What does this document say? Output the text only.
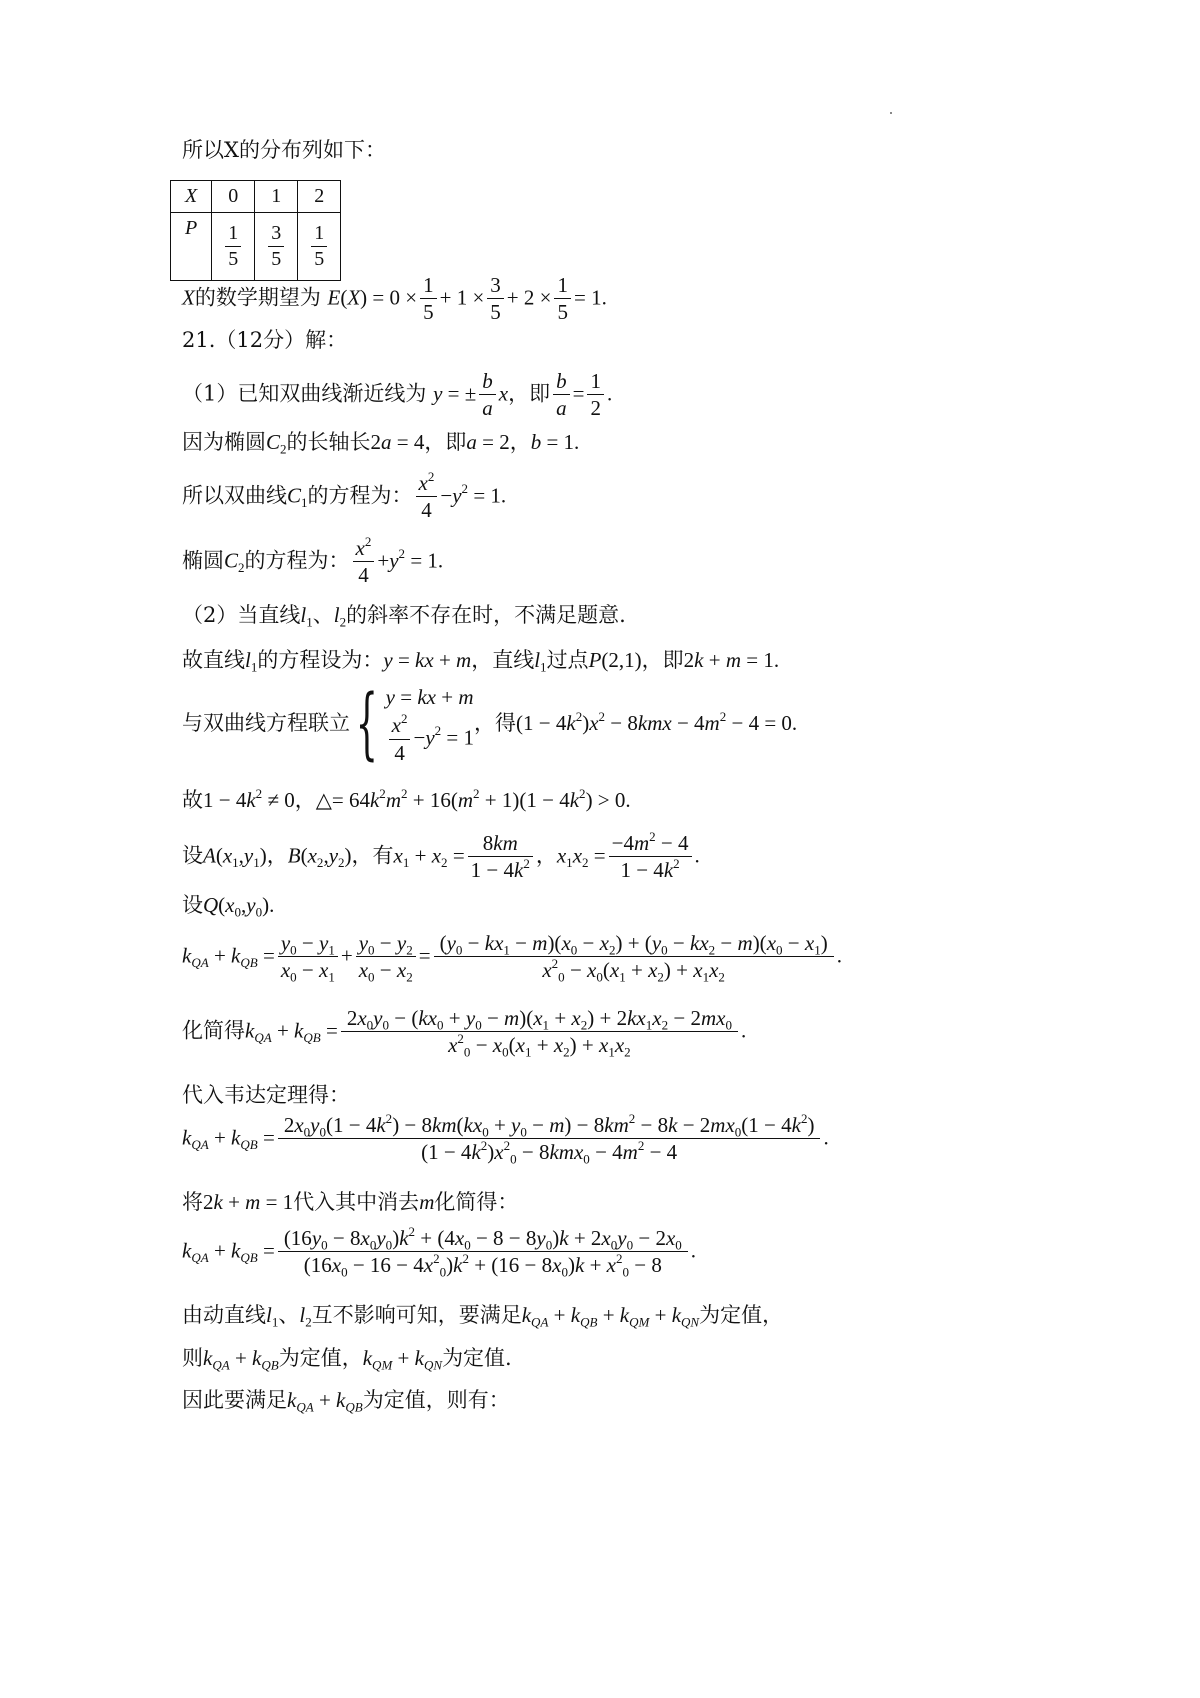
所以X的分布列如下：
X	0	1	2
P	$\frac{1}{5}$	$\frac{3}{5}$	$\frac{1}{5}$
X的数学期望为 $E(X) = 0 \times \frac{1}{5} + 1 \times \frac{3}{5} + 2 \times \frac{1}{5} = 1$.
21.（12分）解：
（1）已知双曲线渐近线为 y = ± $\frac{b}{a}$ x，即 $\frac{b}{a} = \frac{1}{2}$ .
因为椭圆$C_2$的长轴长2a = 4，即a = 2，b = 1.
所以双曲线$C_1$的方程为： $\frac{x^2}{4} -y^2 = 1$.
椭圆$C_2$的方程为： $\frac{x^2}{4} +y^2 = 1$.
（2）当直线$l_1$、$l_2$的斜率不存在时，不满足题意.
故直线$l_1$的方程设为：y = kx + m，直线$l_1$过点P(2,1)，即2k + m = 1.
与双曲线方程联立{ y = kx + m
$\frac{x^2}{4} -y^2 = 1$
，得$(1 - 4k^2)x^2 - 8kmx - 4m^2 - 4 = 0$.
故$1 - 4k^2 \ne 0$，△= $64k^2m^2 + 16(m^2 + 1)(1 - 4k^2) > 0$.
设$A(x_1,y_1)$，$B(x_2,y_2)$，有$x_1 + x_2 = \frac{8km}{1 - 4k^2}$ ，$x_1x_2 = \frac{-4m^2 - 4}{1 - 4k^2}$ .
设$Q(x_0,y_0)$.
$k_{QA} + k_{QB} = \frac{y_0 - y_1}{x_0 - x_1} + \frac{y_0 - y_2}{x_0 - x_2} = \frac{(y_0 - kx_1 - m)(x_0 - x_2) + (y_0 - kx_2 - m)(x_0 - x_1)}{x^2_0 - x_0(x_1 + x_2) + x_1x_2}$ .
化简得$k_{QA} + k_{QB} = \frac{2x_0y_0 - (kx_0 + y_0 - m)(x_1 + x_2) + 2kx_1x_2 - 2mx_0}{x^2_0 - x_0(x_1 + x_2) + x_1x_2}$ .
代入韦达定理得：
$k_{QA} + k_{QB}$ =
$2x_0y_0(1 - 4k^2) - 8km(kx_0 + y_0 - m) - 8km^2 - 8k - 2mx_0(1 - 4k^2)$
$(1 - 4k^2)x^2_0 - 8kmx_0 - 4m^2 - 4$
.
将2k + m = 1代入其中消去m化简得：
$k_{QA} + k_{QB} = \frac{(16y_0 - 8x_0y_0)k^2 + (4x_0 - 8 - 8y_0)k + 2x_0y_0 - 2x_0}{(16x_0 - 16 - 4x^2_0)k^2 + (16 - 8x_0)k + x^2_0 - 8}$ .
由动直线$l_1$、$l_2$互不影响可知，要满足$k_{QA} + k_{QB} + k_{QM} + k_{QN}$为定值，
则$k_{QA} + k_{QB}$为定值，$k_{QM} + k_{QN}$为定值.
因此要满足$k_{QA} + k_{QB}$为定值，则有：
